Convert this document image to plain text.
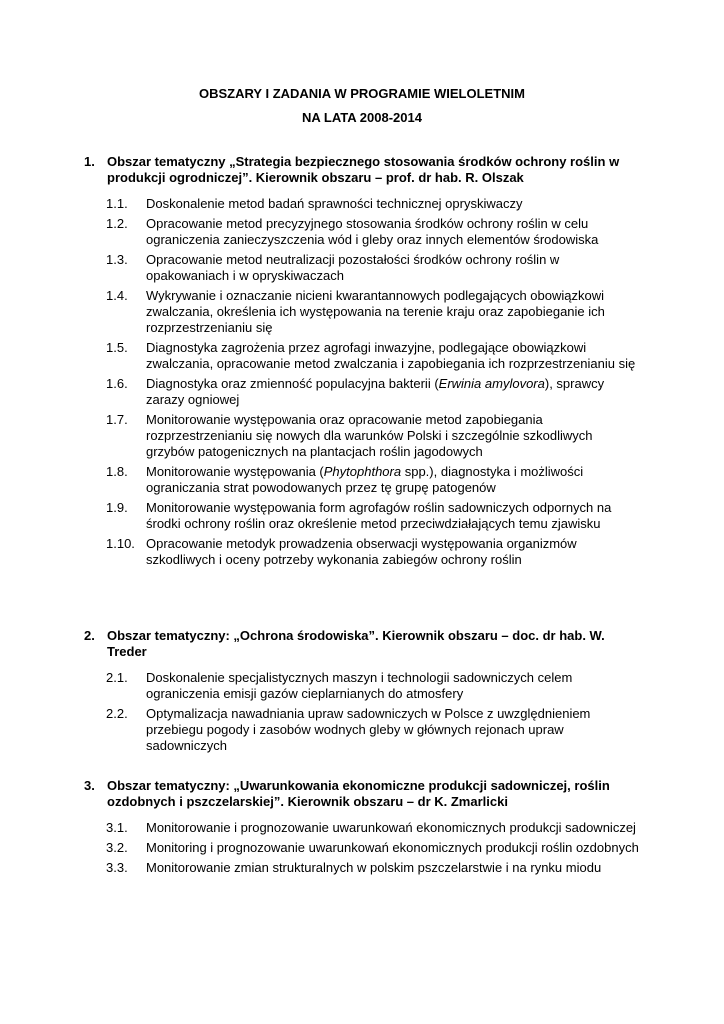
OBSZARY I ZADANIA W PROGRAMIE WIELOLETNIM
NA LATA 2008-2014
1. Obszar tematyczny „Strategia bezpiecznego stosowania środków ochrony roślin w produkcji ogrodniczej”. Kierownik obszaru – prof. dr hab. R. Olszak
1.1. Doskonalenie metod badań sprawności technicznej opryskiwaczy
1.2. Opracowanie metod precyzyjnego stosowania środków ochrony roślin w celu ograniczenia zanieczyszczenia wód i gleby oraz innych elementów środowiska
1.3. Opracowanie metod neutralizacji pozostałości środków ochrony roślin w opakowaniach i w opryskiwaczach
1.4. Wykrywanie i oznaczanie nicieni kwarantannowych podlegających obowiązkowi zwalczania, określenia ich występowania na terenie kraju oraz zapobieganie ich rozprzestrzenianiu się
1.5. Diagnostyka zagrożenia przez agrofagi inwazyjne, podlegające obowiązkowi zwalczania, opracowanie metod zwalczania i zapobiegania ich rozprzestrzenianiu się
1.6. Diagnostyka oraz zmienność populacyjna bakterii (Erwinia amylovora), sprawcy zarazy ogniowej
1.7. Monitorowanie występowania oraz opracowanie metod zapobiegania rozprzestrzenianiu się nowych dla warunków Polski i szczególnie szkodliwych grzybów patogenicznych na plantacjach roślin jagodowych
1.8. Monitorowanie występowania (Phytophthora spp.), diagnostyka i możliwości ograniczania strat powodowanych przez tę grupę patogenów
1.9. Monitorowanie występowania form agrofagów roślin sadowniczych odpornych na środki ochrony roślin oraz określenie metod przeciwdziałających temu zjawisku
1.10. Opracowanie metodyk prowadzenia obserwacji występowania organizmów szkodliwych i oceny potrzeby wykonania zabiegów ochrony roślin
2. Obszar tematyczny: „Ochrona środowiska”. Kierownik obszaru – doc. dr hab. W. Treder
2.1. Doskonalenie specjalistycznych maszyn i technologii sadowniczych celem ograniczenia emisji gazów cieplarnianych do atmosfery
2.2. Optymalizacja nawadniania upraw sadowniczych w Polsce z uwzględnieniem przebiegu pogody i zasobów wodnych gleby w głównych rejonach upraw sadowniczych
3. Obszar tematyczny: „Uwarunkowania ekonomiczne produkcji sadowniczej, roślin ozdobnych i pszczelarskiej”. Kierownik obszaru – dr K. Zmarlicki
3.1. Monitorowanie i prognozowanie uwarunkowań ekonomicznych produkcji sadowniczej
3.2. Monitoring i prognozowanie uwarunkowań ekonomicznych produkcji roślin ozdobnych
3.3. Monitorowanie zmian strukturalnych w polskim pszczelarstwie i na rynku miodu
